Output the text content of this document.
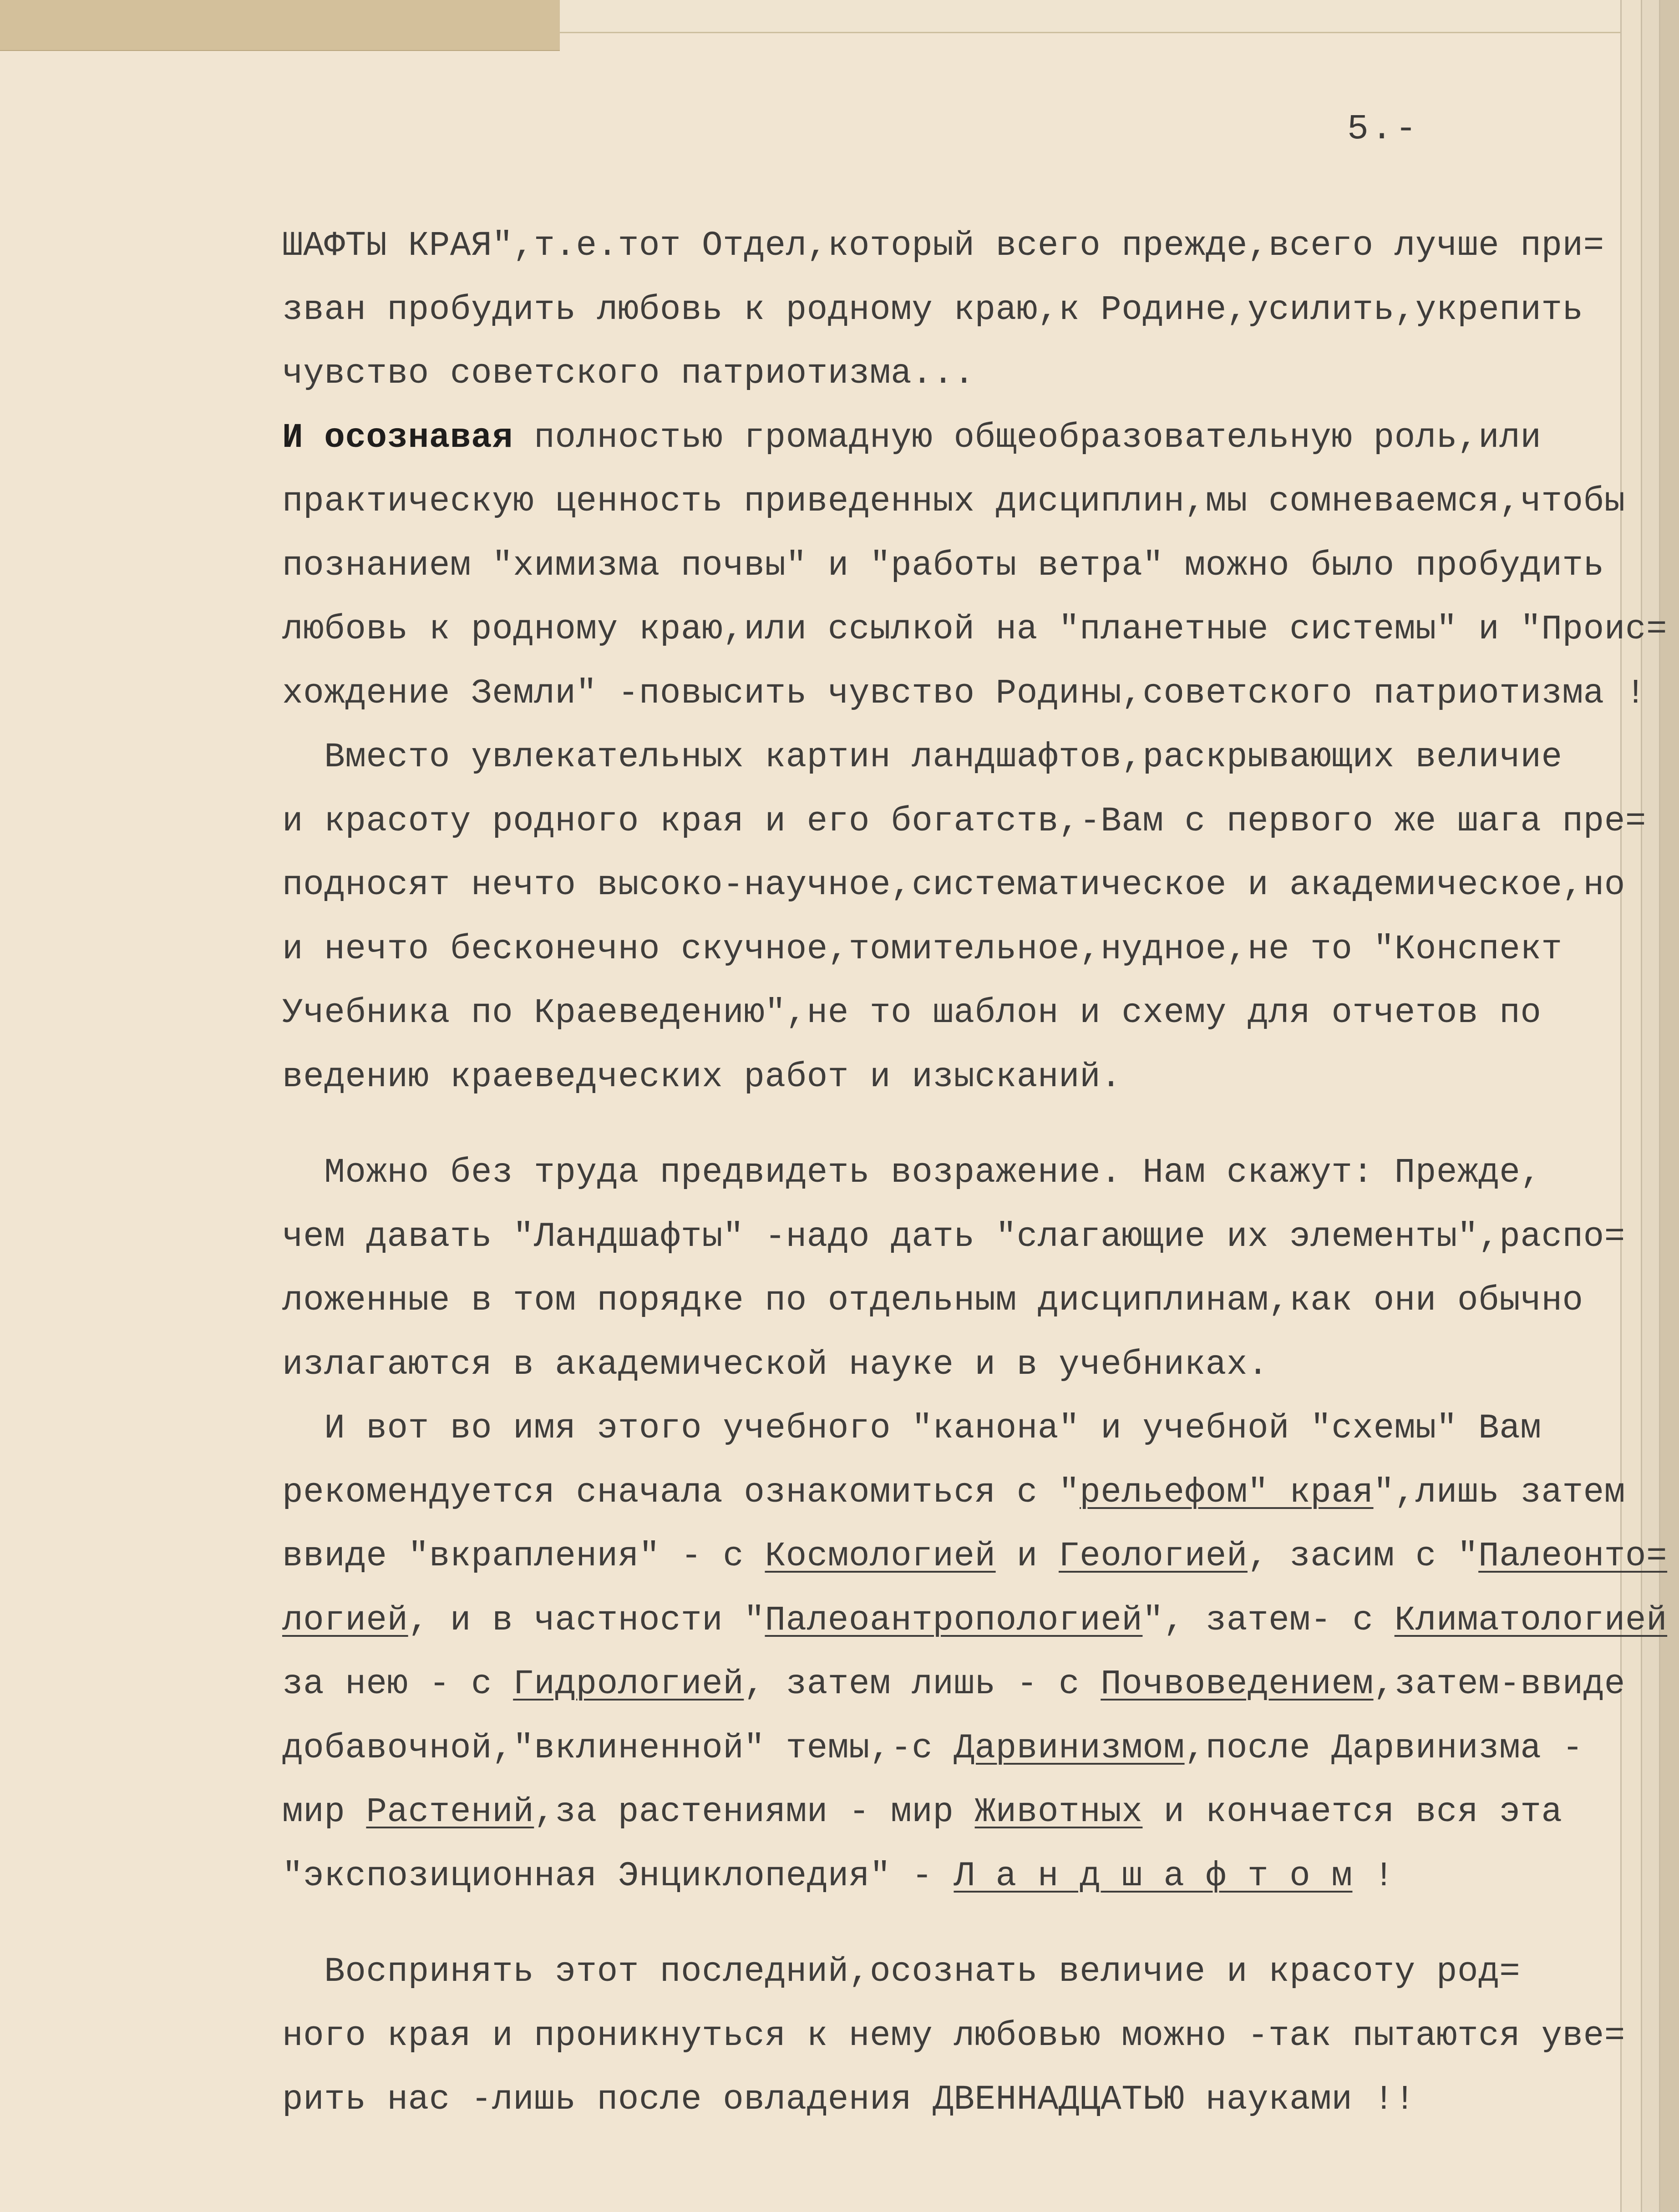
5.-
ШАФТЫ КРАЯ",т.е.тот Отдел,который всего прежде,всего лучше при=
зван пробудить любовь к родному краю,к Родине,усилить,укрепить
чувство советского патриотизма...
И осознавая полностью громадную общеобразовательную роль,или
практическую ценность приведенных дисциплин,мы сомневаемся,чтобы
познанием "химизма почвы" и "работы ветра" можно было пробудить
любовь к родному краю,или ссылкой на "планетные системы" и "Проис=
хождение Земли" -повысить чувство Родины,советского патриотизма !
Вместо увлекательных картин ландшафтов,раскрывающих величие
и красоту родного края и его богатств,-Вам с первого же шага пре=
подносят нечто высоко-научное,систематическое и академическое,но
и нечто бесконечно скучное,томительное,нудное,не то "Конспект
Учебника по Краеведению",не то шаблон и схему для отчетов по
ведению краеведческих работ и изысканий.
Можно без труда предвидеть возражение. Нам скажут: Прежде,
чем давать "Ландшафты" -надо дать "слагающие их элементы",распо=
ложенные в том порядке по отдельным дисциплинам,как они обычно
излагаются в академической науке и в учебниках.
И вот во имя этого учебного "канона" и учебной "схемы" Вам
рекомендуется сначала ознакомиться с "рельефом" края",лишь затем
ввиде "вкрапления" - с Космологией и Геологией, засим с "Палеонто=
логией, и в частности "Палеоантропологией", затем- с Климатологией
за нею - с Гидрологией, затем лишь - с Почвоведением,затем-ввиде
добавочной,"вклиненной" темы,-с Дарвинизмом,после Дарвинизма -
мир Растений,за растениями - мир Животных и кончается вся эта
"экспозиционная Энциклопедия" - Л а н д ш а ф т о м !
Воспринять этот последний,осознать величие и красоту род=
ного края и проникнуться к нему любовью можно -так пытаются уве=
рить нас -лишь после овладения ДВЕННАДЦАТЬЮ науками !!
